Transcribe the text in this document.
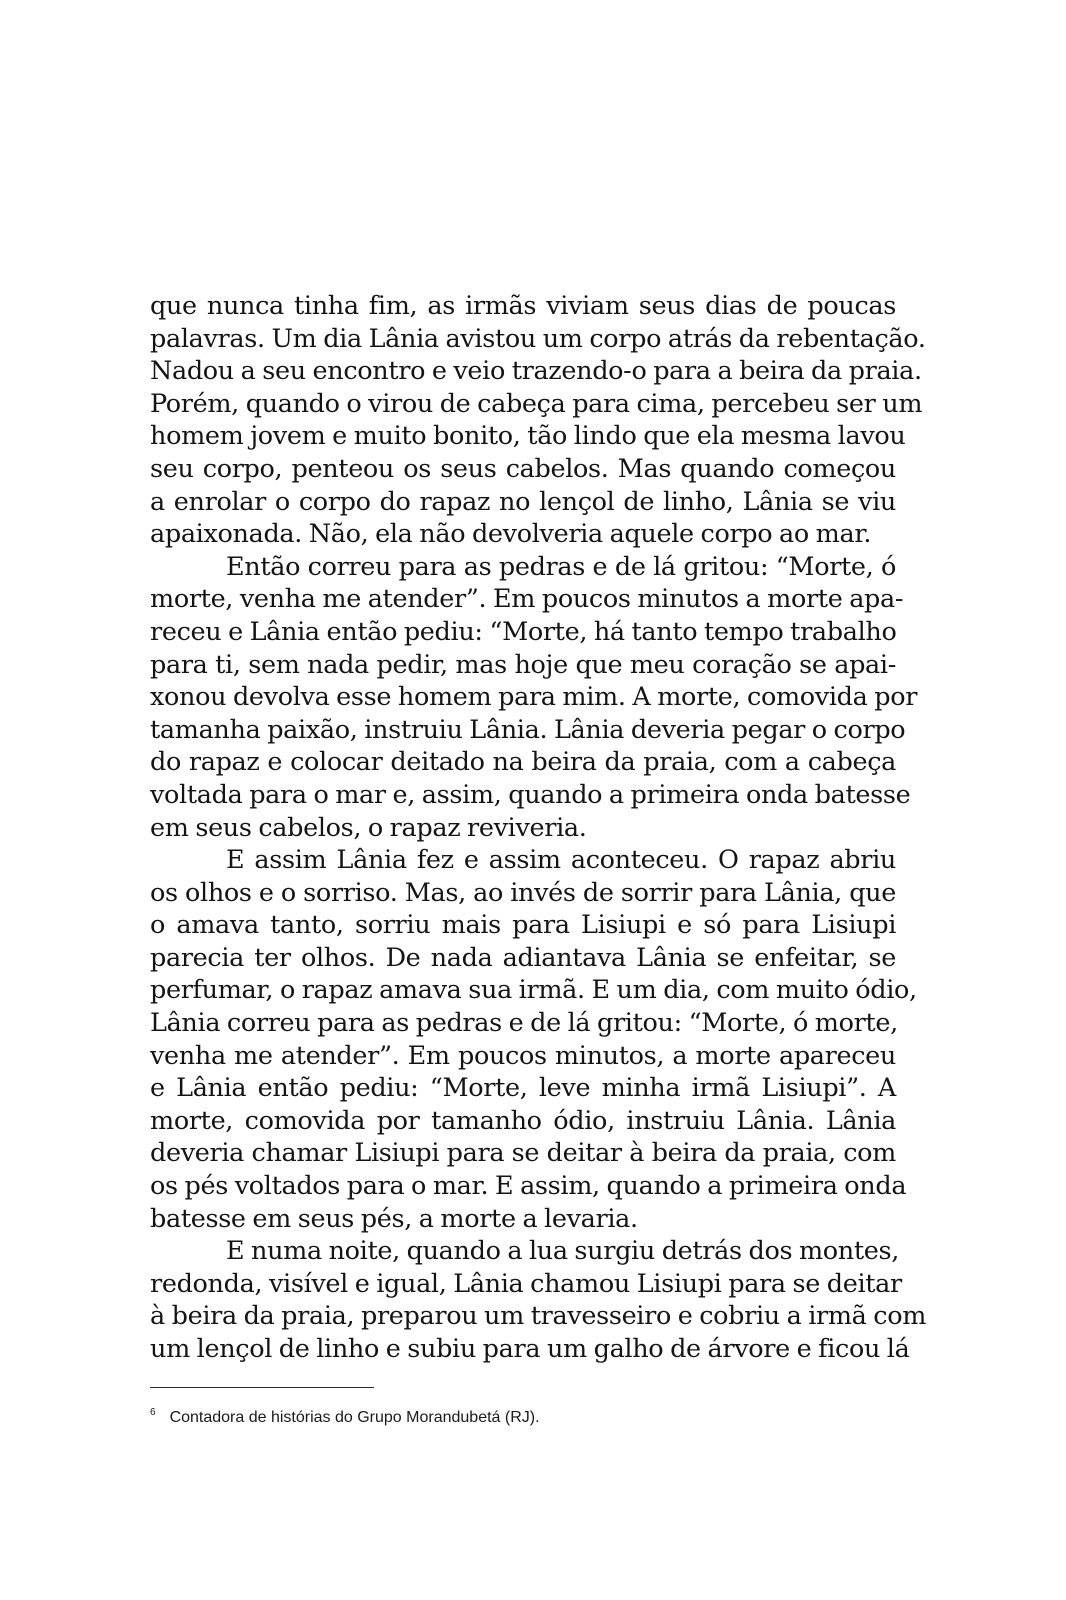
que nunca tinha fim, as irmãs viviam seus dias de poucas
palavras. Um dia Lânia avistou um corpo atrás da rebentação.
Nadou a seu encontro e veio trazendo-o para a beira da praia.
Porém, quando o virou de cabeça para cima, percebeu ser um
homem jovem e muito bonito, tão lindo que ela mesma lavou
seu corpo, penteou os seus cabelos. Mas quando começou
a enrolar o corpo do rapaz no lençol de linho, Lânia se viu
apaixonada. Não, ela não devolveria aquele corpo ao mar.
Então correu para as pedras e de lá gritou: “Morte, ó
morte, venha me atender”. Em poucos minutos a morte apa-
receu e Lânia então pediu: “Morte, há tanto tempo trabalho
para ti, sem nada pedir, mas hoje que meu coração se apai-
xonou devolva esse homem para mim. A morte, comovida por
tamanha paixão, instruiu Lânia. Lânia deveria pegar o corpo
do rapaz e colocar deitado na beira da praia, com a cabeça
voltada para o mar e, assim, quando a primeira onda batesse
em seus cabelos, o rapaz reviveria.
E assim Lânia fez e assim aconteceu. O rapaz abriu
os olhos e o sorriso. Mas, ao invés de sorrir para Lânia, que
o amava tanto, sorriu mais para Lisiupi e só para Lisiupi
parecia ter olhos. De nada adiantava Lânia se enfeitar, se
perfumar, o rapaz amava sua irmã. E um dia, com muito ódio,
Lânia correu para as pedras e de lá gritou: “Morte, ó morte,
venha me atender”. Em poucos minutos, a morte apareceu
e Lânia então pediu: “Morte, leve minha irmã Lisiupi”. A
morte, comovida por tamanho ódio, instruiu Lânia. Lânia
deveria chamar Lisiupi para se deitar à beira da praia, com
os pés voltados para o mar. E assim, quando a primeira onda
batesse em seus pés, a morte a levaria.
E numa noite, quando a lua surgiu detrás dos montes,
redonda, visível e igual, Lânia chamou Lisiupi para se deitar
à beira da praia, preparou um travesseiro e cobriu a irmã com
um lençol de linho e subiu para um galho de árvore e ficou lá
$^6$ Contadora de histórias do Grupo Morandubetá (RJ).
